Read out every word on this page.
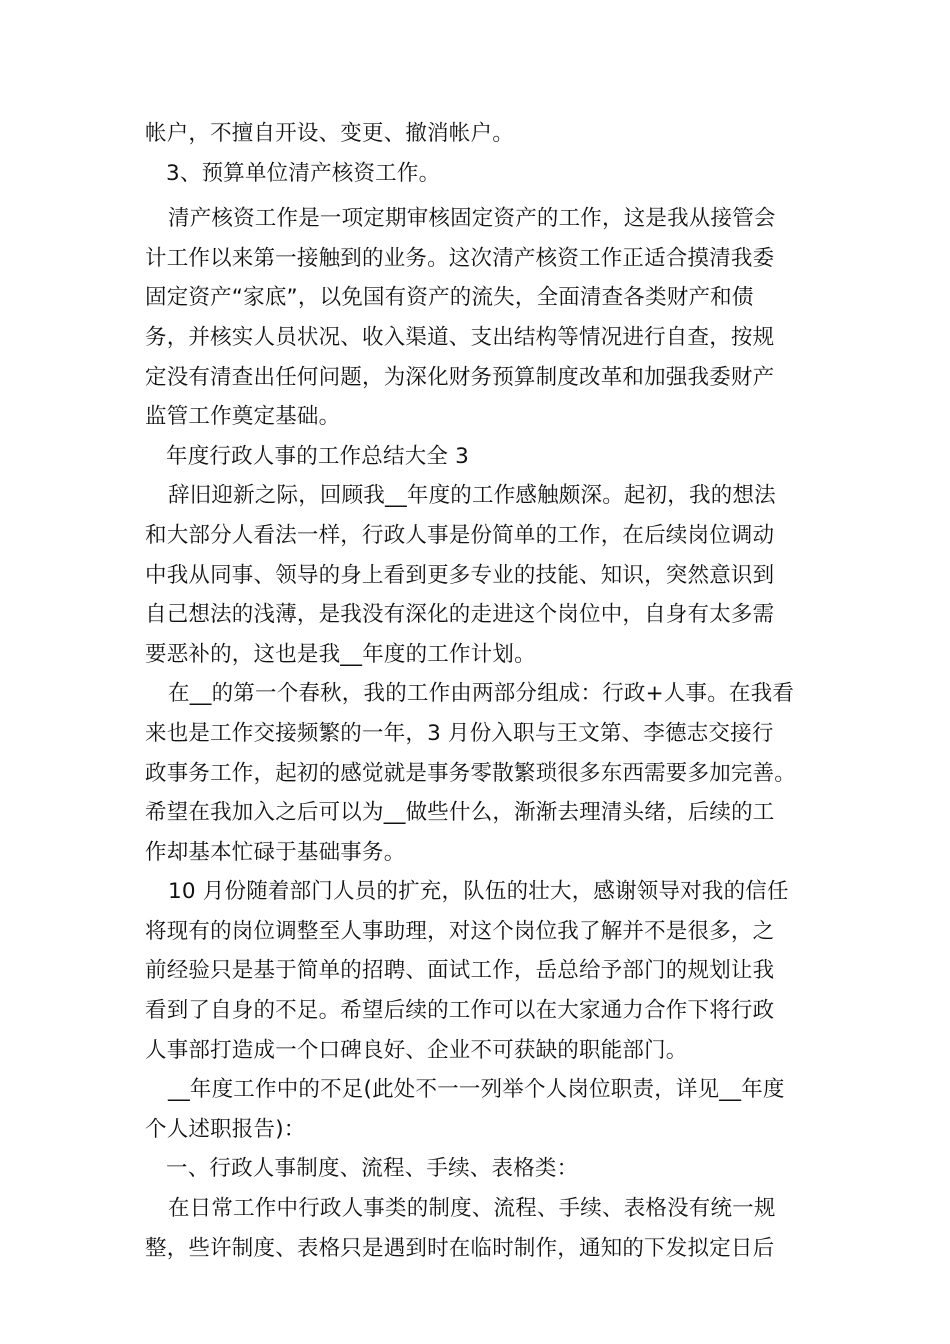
帐户，不擅自开设、变更、撤消帐户。
3、预算单位清产核资工作。
清产核资工作是一项定期审核固定资产的工作，这是我从接管会
计工作以来第一接触到的业务。这次清产核资工作正适合摸清我委
固定资产“家底”，以免国有资产的流失，全面清查各类财产和债
务，并核实人员状况、收入渠道、支出结构等情况进行自查，按规
定没有清查出任何问题，为深化财务预算制度改革和加强我委财产
监管工作奠定基础。
年度行政人事的工作总结大全 3
辞旧迎新之际，回顾我__年度的工作感触颇深。起初，我的想法
和大部分人看法一样，行政人事是份简单的工作，在后续岗位调动
中我从同事、领导的身上看到更多专业的技能、知识，突然意识到
自己想法的浅薄，是我没有深化的走进这个岗位中，自身有太多需
要恶补的，这也是我__年度的工作计划。
在__的第一个春秋，我的工作由两部分组成：行政+人事。在我看
来也是工作交接频繁的一年，3 月份入职与王文第、李德志交接行
政事务工作，起初的感觉就是事务零散繁琐很多东西需要多加完善。
希望在我加入之后可以为__做些什么，渐渐去理清头绪，后续的工
作却基本忙碌于基础事务。
10 月份随着部门人员的扩充，队伍的壮大，感谢领导对我的信任
将现有的岗位调整至人事助理，对这个岗位我了解并不是很多，之
前经验只是基于简单的招聘、面试工作，岳总给予部门的规划让我
看到了自身的不足。希望后续的工作可以在大家通力合作下将行政
人事部打造成一个口碑良好、企业不可获缺的职能部门。
__年度工作中的不足(此处不一一列举个人岗位职责，详见__年度
个人述职报告)：
一、行政人事制度、流程、手续、表格类：
在日常工作中行政人事类的制度、流程、手续、表格没有统一规
整，些许制度、表格只是遇到时在临时制作，通知的下发拟定日后
